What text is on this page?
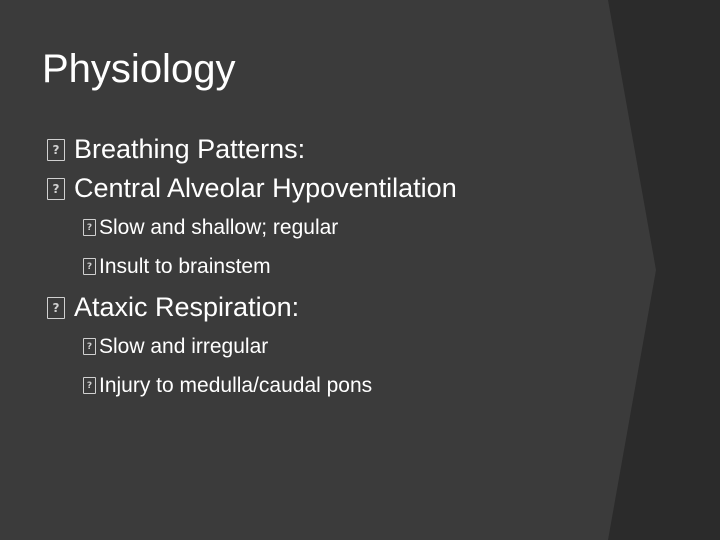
Physiology
?
Breathing Patterns:
?
Central Alveolar Hypoventilation
?
Slow and shallow; regular
?
Insult to brainstem
?
Ataxic Respiration:
?
Slow and irregular
?
Injury to medulla/caudal pons
